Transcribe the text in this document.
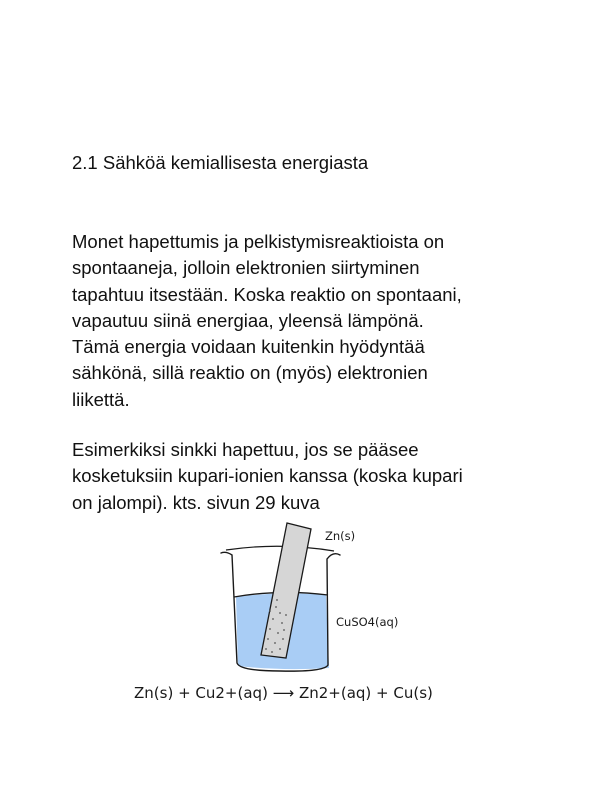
2.1 Sähköä kemiallisesta energiasta

Monet hapettumis ja pelkistymisreaktioista on
spontaaneja, jolloin elektronien siirtyminen
tapahtuu itsestään. Koska reaktio on spontaani,
vapautuu siinä energiaa, yleensä lämpönä.
Tämä energia voidaan kuitenkin hyödyntää
sähkönä, sillä reaktio on (myös) elektronien
liikettä.

Esimerkiksi sinkki hapettuu, jos se pääsee
kosketuksiin kupari-ionien kanssa (koska kupari
on jalompi). kts. sivun 29 kuva

Zn(s)
CuSO4(aq)
Zn(s) + Cu2+(aq) ⟶ Zn2+(aq) + Cu(s)
